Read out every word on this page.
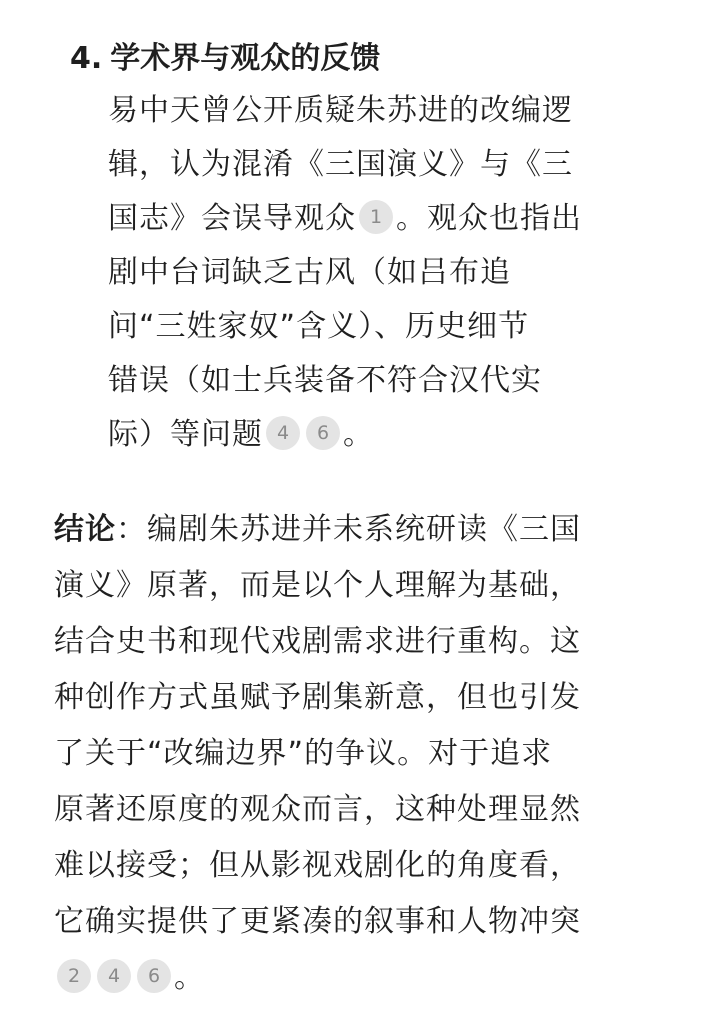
4. 学术界与观众的反馈
易中天曾公开质疑朱苏进的改编逻
辑，认为混淆《三国演义》与《三
国志》会误导观众 1 。观众也指出
剧中台词缺乏古风（如吕布追
问“三姓家奴”含义）、历史细节
错误（如士兵装备不符合汉代实
际）等问题 4 6 。
结论：编剧朱苏进并未系统研读《三国
演义》原著，而是以个人理解为基础，
结合史书和现代戏剧需求进行重构。这
种创作方式虽赋予剧集新意，但也引发
了关于“改编边界”的争议。对于追求
原著还原度的观众而言，这种处理显然
难以接受；但从影视戏剧化的角度看，
它确实提供了更紧凑的叙事和人物冲突
2 4 6 。
